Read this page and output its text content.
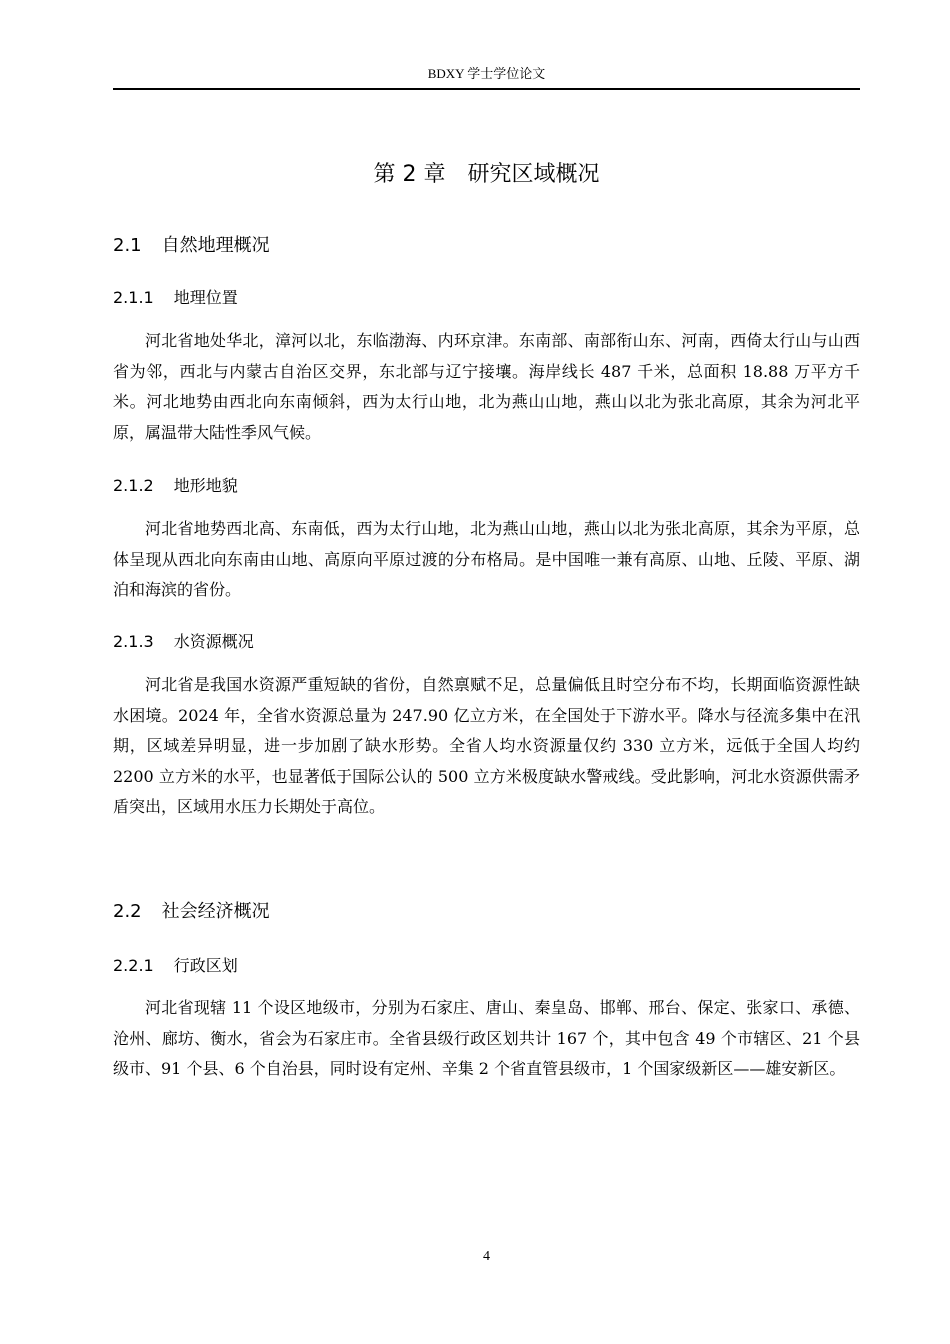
BDXY 学士学位论文
第 2 章　研究区域概况
2.1 自然地理概况
2.1.1 地理位置

河北省地处华北，漳河以北，东临渤海、内环京津。东南部、南部衔山东、河南，西倚太行山与山西省为邻，西北与内蒙古自治区交界，东北部与辽宁接壤。海岸线长 487 千米，总面积 18.88 万平方千米。河北地势由西北向东南倾斜，西为太行山地，北为燕山山地，燕山以北为张北高原，其余为河北平原，属温带大陆性季风气候。

2.1.2 地形地貌

河北省地势西北高、东南低，西为太行山地，北为燕山山地，燕山以北为张北高原，其余为平原，总体呈现从西北向东南由山地、高原向平原过渡的分布格局。是中国唯一兼有高原、山地、丘陵、平原、湖泊和海滨的省份。

2.1.3 水资源概况

河北省是我国水资源严重短缺的省份，自然禀赋不足，总量偏低且时空分布不均，长期面临资源性缺水困境。2024 年，全省水资源总量为 247.90 亿立方米，在全国处于下游水平。降水与径流多集中在汛期，区域差异明显，进一步加剧了缺水形势。全省人均水资源量仅约 330 立方米，远低于全国人均约 2200 立方米的水平，也显著低于国际公认的 500 立方米极度缺水警戒线。受此影响，河北水资源供需矛盾突出，区域用水压力长期处于高位。

2.2 社会经济概况
2.2.1 行政区划

河北省现辖 11 个设区地级市，分别为石家庄、唐山、秦皇岛、邯郸、邢台、保定、张家口、承德、沧州、廊坊、衡水，省会为石家庄市。全省县级行政区划共计 167 个，其中包含 49 个市辖区、21 个县级市、91 个县、6 个自治县，同时设有定州、辛集 2 个省直管县级市，1 个国家级新区——雄安新区。

4
